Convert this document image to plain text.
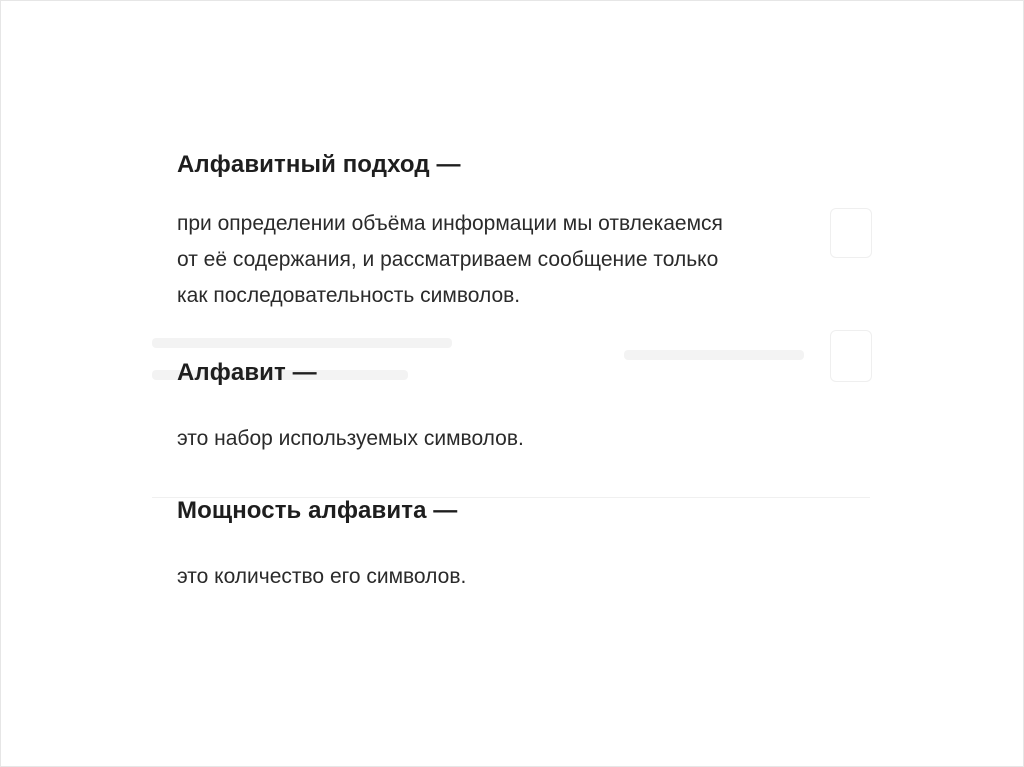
Алфавитный подход —

при определении объёма информации мы отвлекаемся

от её содержания, и рассматриваем сообщение только

как последовательность символов.

Алфавит —

это набор используемых символов.

Мощность алфавита —

это количество его символов.
